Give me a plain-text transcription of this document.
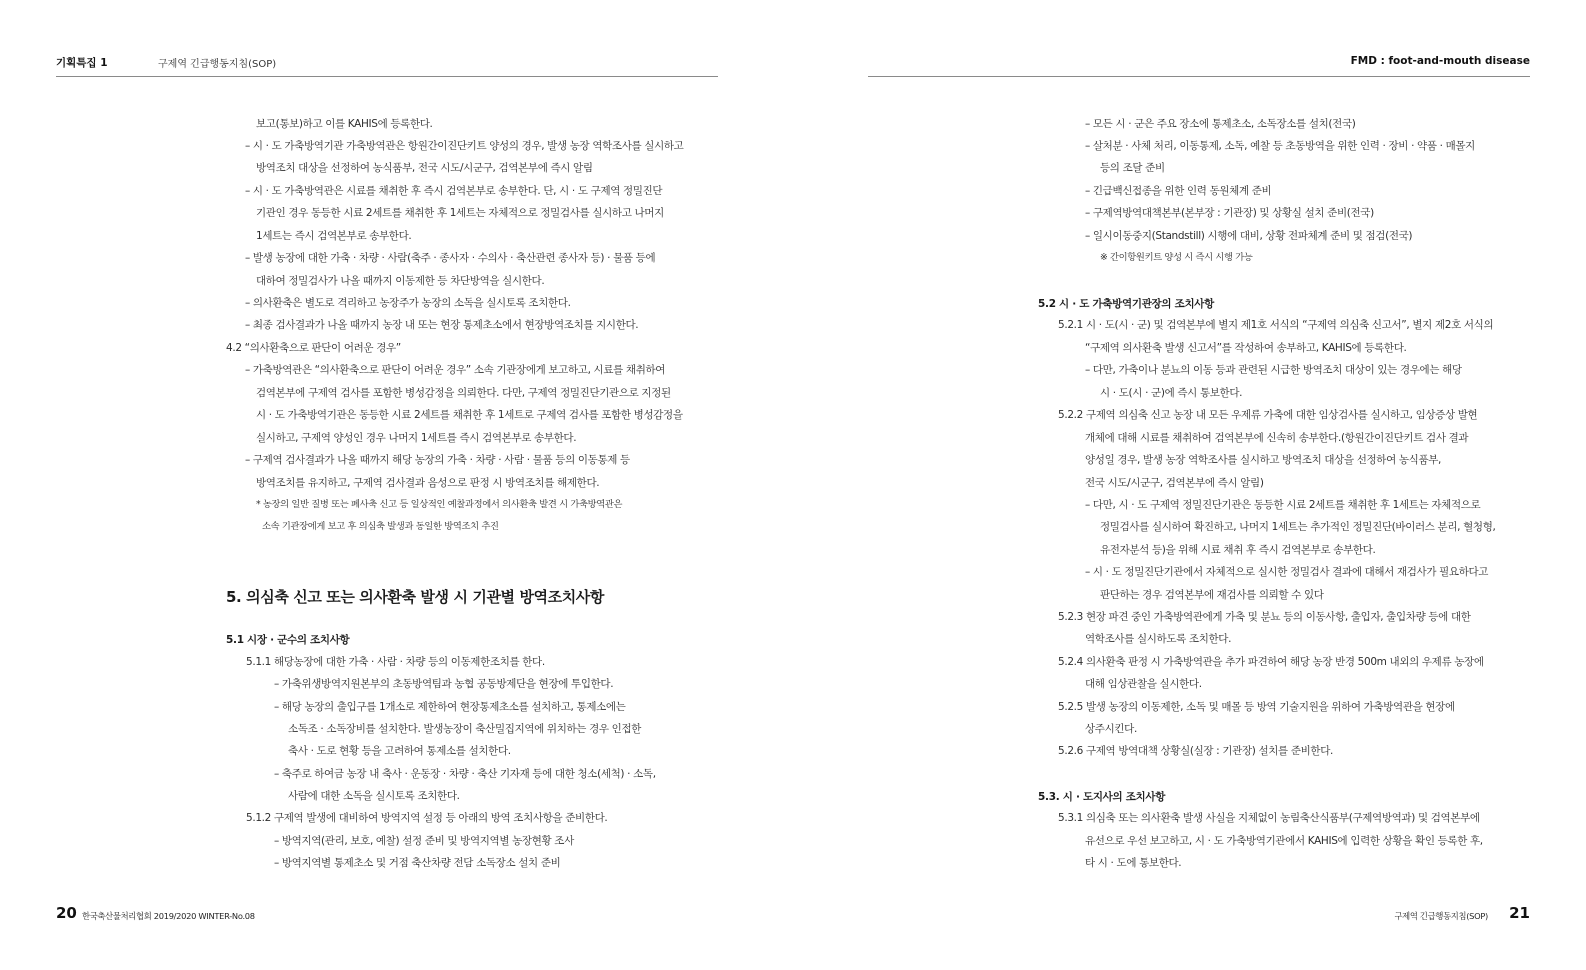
기획특집 1	구제역 긴급행동지침(SOP)	FMD : foot-and-mouth disease
보고(통보)하고 이를 KAHIS에 등록한다.
– 시 · 도 가축방역기관 가축방역관은 항원간이진단키트 양성의 경우, 발생 농장 역학조사를 실시하고
방역조치 대상을 선정하여 농식품부, 전국 시도/시군구, 검역본부에 즉시 알림
– 시 · 도 가축방역관은 시료를 채취한 후 즉시 검역본부로 송부한다. 단, 시 · 도 구제역 정밀진단
기관인 경우 동등한 시료 2세트를 채취한 후 1세트는 자체적으로 정밀검사를 실시하고 나머지
1세트는 즉시 검역본부로 송부한다.
– 발생 농장에 대한 가축 · 차량 · 사람(축주 · 종사자 · 수의사 · 축산관련 종사자 등) · 물품 등에
대하여 정밀검사가 나올 때까지 이동제한 등 차단방역을 실시한다.
– 의사환축은 별도로 격리하고 농장주가 농장의 소독을 실시토록 조치한다.
– 최종 검사결과가 나올 때까지 농장 내 또는 현장 통제초소에서 현장방역조치를 지시한다.
4.2 “의사환축으로 판단이 어려운 경우”
– 가축방역관은 “의사환축으로 판단이 어려운 경우” 소속 기관장에게 보고하고, 시료를 채취하여
검역본부에 구제역 검사를 포함한 병성감정을 의뢰한다. 다만, 구제역 정밀진단기관으로 지정된
시 · 도 가축방역기관은 동등한 시료 2세트를 채취한 후 1세트로 구제역 검사를 포함한 병성감정을
실시하고, 구제역 양성인 경우 나머지 1세트를 즉시 검역본부로 송부한다.
– 구제역 검사결과가 나올 때까지 해당 농장의 가축 · 차량 · 사람 · 물품 등의 이동통제 등
방역조치를 유지하고, 구제역 검사결과 음성으로 판정 시 방역조치를 해제한다.
* 농장의 일반 질병 또는 폐사축 신고 등 일상적인 예찰과정에서 의사환축 발견 시 가축방역관은
소속 기관장에게 보고 후 의심축 발생과 동일한 방역조치 추진
5. 의심축 신고 또는 의사환축 발생 시 기관별 방역조치사항
5.1 시장 · 군수의 조치사항
5.1.1 해당농장에 대한 가축 · 사람 · 차량 등의 이동제한조치를 한다.
– 가축위생방역지원본부의 초동방역팀과 농협 공동방제단을 현장에 투입한다.
– 해당 농장의 출입구를 1개소로 제한하여 현장통제초소를 설치하고, 통제소에는
소독조 · 소독장비를 설치한다. 발생농장이 축산밀집지역에 위치하는 경우 인접한
축사 · 도로 현황 등을 고려하여 통제소를 설치한다.
– 축주로 하여금 농장 내 축사 · 운동장 · 차량 · 축산 기자재 등에 대한 청소(세척) · 소독,
사람에 대한 소독을 실시토록 조치한다.
5.1.2 구제역 발생에 대비하여 방역지역 설정 등 아래의 방역 조치사항을 준비한다.
– 방역지역(관리, 보호, 예찰) 설정 준비 및 방역지역별 농장현황 조사
– 방역지역별 통제초소 및 거점 축산차량 전담 소독장소 설치 준비
– 모든 시 · 군은 주요 장소에 통제초소, 소독장소를 설치(전국)
– 살처분 · 사체 처리, 이동통제, 소독, 예찰 등 초동방역을 위한 인력 · 장비 · 약품 · 매몰지
등의 조달 준비
– 긴급백신접종을 위한 인력 동원체계 준비
– 구제역방역대책본부(본부장 : 기관장) 및 상황실 설치 준비(전국)
– 일시이동중지(Standstill) 시행에 대비, 상황 전파체계 준비 및 점검(전국)
※ 간이항원키트 양성 시 즉시 시행 가능
5.2 시 · 도 가축방역기관장의 조치사항
5.2.1 시 · 도(시 · 군) 및 검역본부에 별지 제1호 서식의 “구제역 의심축 신고서”, 별지 제2호 서식의
“구제역 의사환축 발생 신고서”를 작성하여 송부하고, KAHIS에 등록한다.
– 다만, 가축이나 분뇨의 이동 등과 관련된 시급한 방역조치 대상이 있는 경우에는 해당
시 · 도(시 · 군)에 즉시 통보한다.
5.2.2 구제역 의심축 신고 농장 내 모든 우제류 가축에 대한 임상검사를 실시하고, 임상증상 발현
개체에 대해 시료를 채취하여 검역본부에 신속히 송부한다.(항원간이진단키트 검사 결과
양성일 경우, 발생 농장 역학조사를 실시하고 방역조치 대상을 선정하여 농식품부,
전국 시도/시군구, 검역본부에 즉시 알림)
– 다만, 시 · 도 구제역 정밀진단기관은 동등한 시료 2세트를 채취한 후 1세트는 자체적으로
정밀검사를 실시하여 확진하고, 나머지 1세트는 추가적인 정밀진단(바이러스 분리, 혈청형,
유전자분석 등)을 위해 시료 채취 후 즉시 검역본부로 송부한다.
– 시 · 도 정밀진단기관에서 자체적으로 실시한 정밀검사 결과에 대해서 재검사가 필요하다고
판단하는 경우 검역본부에 재검사를 의뢰할 수 있다
5.2.3 현장 파견 중인 가축방역관에게 가축 및 분뇨 등의 이동사항, 출입자, 출입차량 등에 대한
역학조사를 실시하도록 조치한다.
5.2.4 의사환축 판정 시 가축방역관을 추가 파견하여 해당 농장 반경 500m 내외의 우제류 농장에
대해 임상관찰을 실시한다.
5.2.5 발생 농장의 이동제한, 소독 및 매몰 등 방역 기술지원을 위하여 가축방역관을 현장에
상주시킨다.
5.2.6 구제역 방역대책 상황실(실장 : 기관장) 설치를 준비한다.
5.3. 시 · 도지사의 조치사항
5.3.1 의심축 또는 의사환축 발생 사실을 지체없이 농림축산식품부(구제역방역과) 및 검역본부에
유선으로 우선 보고하고, 시 · 도 가축방역기관에서 KAHIS에 입력한 상황을 확인 등록한 후,
타 시 · 도에 통보한다.
20 한국축산물처리협회 2019/2020 WINTER-No.08	구제역 긴급행동지침(SOP) 21
